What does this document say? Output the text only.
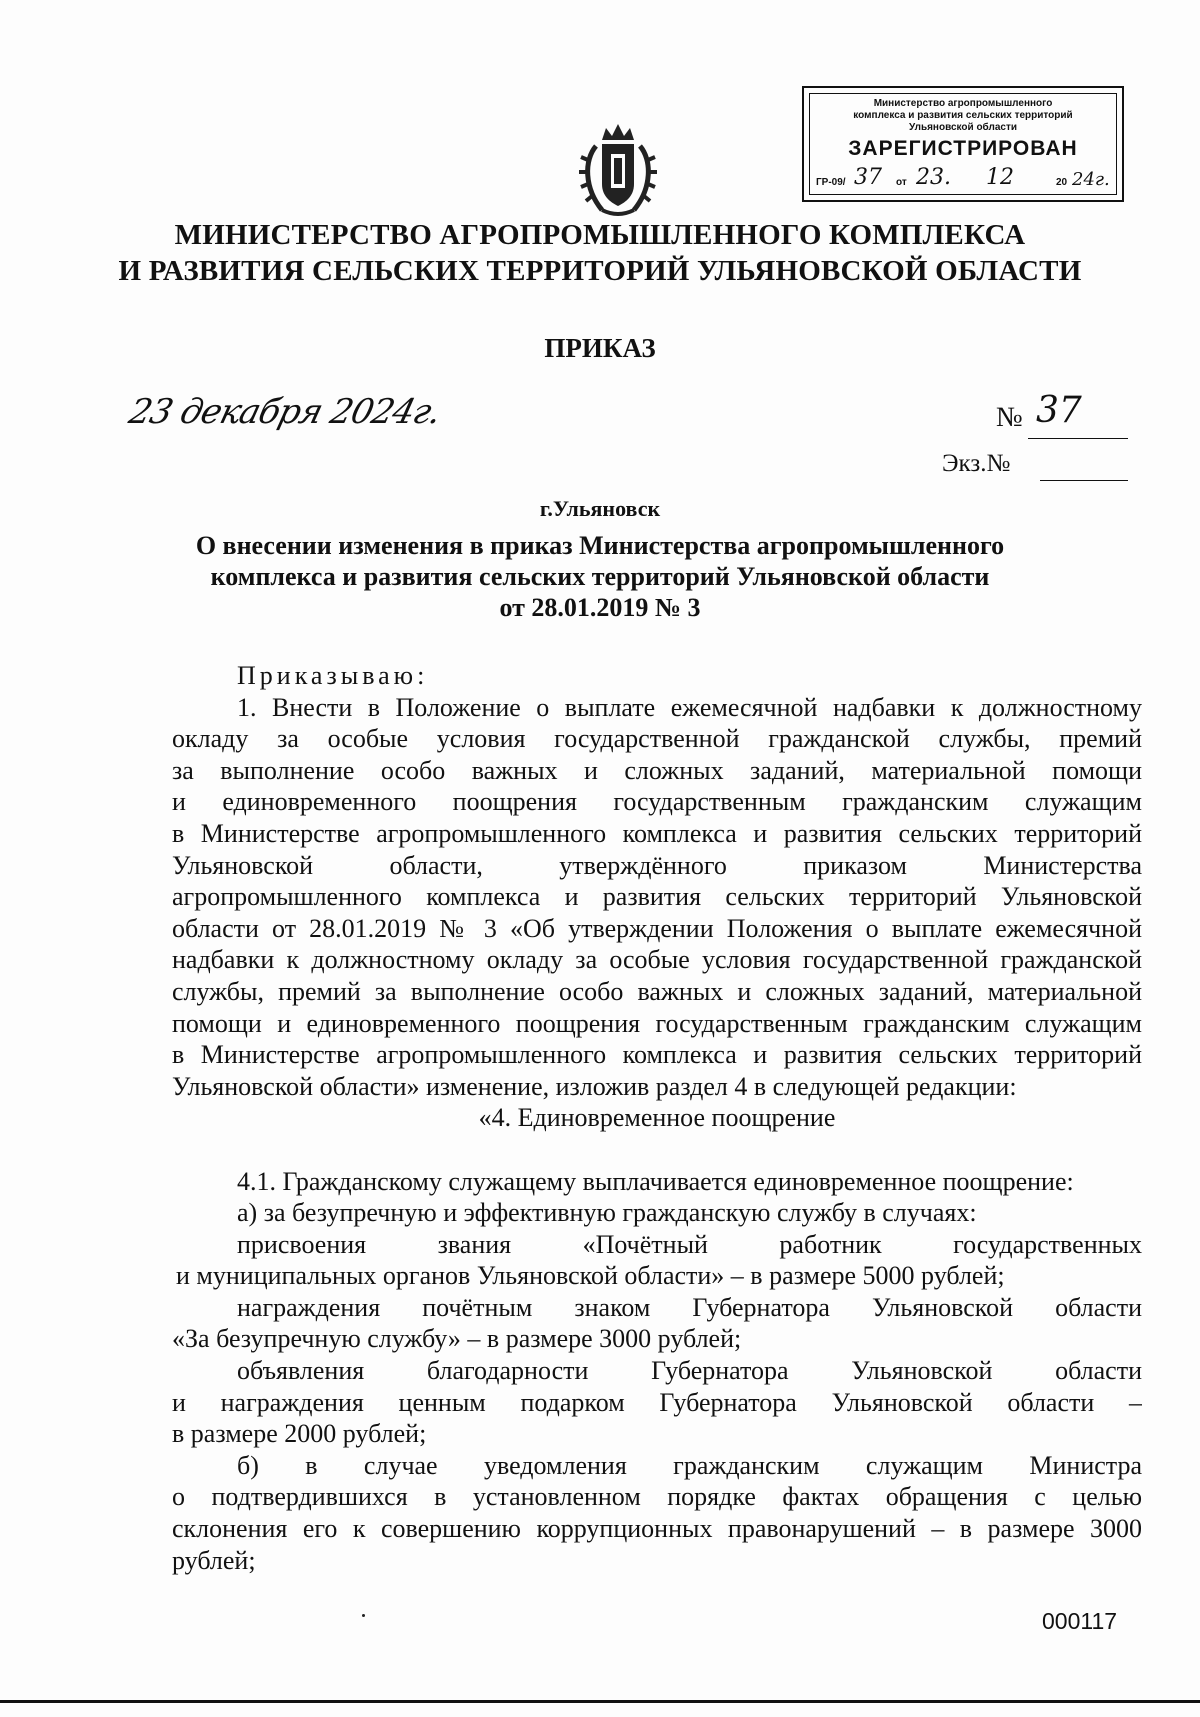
Министерство агропромышленного
комплекса и развития сельских территорий
Ульяновской области
ЗАРЕГИСТРИРОВАН
ГР-09/ 37 от 23. 12	20 24г.
МИНИСТЕРСТВО АГРОПРОМЫШЛЕННОГО КОМПЛЕКСА
И РАЗВИТИЯ СЕЛЬСКИХ ТЕРРИТОРИЙ УЛЬЯНОВСКОЙ ОБЛАСТИ
ПРИКАЗ
23 декабря 2024г.	№ 37
Экз.№
г.Ульяновск
О внесении изменения в приказ Министерства агропромышленного
комплекса и развития сельских территорий Ульяновской области
от 28.01.2019 № 3
Приказываю:
1. Внести в Положение о выплате ежемесячной надбавки к должностному
окладу за особые условия государственной гражданской службы, премий
за выполнение особо важных и сложных заданий, материальной помощи
и единовременного поощрения государственным гражданским служащим
в Министерстве агропромышленного комплекса и развития сельских территорий
Ульяновской области, утверждённого приказом Министерства
агропромышленного комплекса и развития сельских территорий Ульяновской
области от 28.01.2019 № 3 «Об утверждении Положения о выплате ежемесячной
надбавки к должностному окладу за особые условия государственной гражданской
службы, премий за выполнение особо важных и сложных заданий, материальной
помощи и единовременного поощрения государственным гражданским служащим
в Министерстве агропромышленного комплекса и развития сельских территорий
Ульяновской области» изменение, изложив раздел 4 в следующей редакции:
«4. Единовременное поощрение
4.1. Гражданскому служащему выплачивается единовременное поощрение:
а) за безупречную и эффективную гражданскую службу в случаях:
присвоения звания «Почётный работник государственных
и муниципальных органов Ульяновской области» – в размере 5000 рублей;
награждения почётным знаком Губернатора Ульяновской области
«За безупречную службу» – в размере 3000 рублей;
объявления благодарности Губернатора Ульяновской области
и награждения ценным подарком Губернатора Ульяновской области –
в размере 2000 рублей;
б) в случае уведомления гражданским служащим Министра
о подтвердившихся в установленном порядке фактах обращения с целью
склонения его к совершению коррупционных правонарушений – в размере 3000
рублей;
000117
